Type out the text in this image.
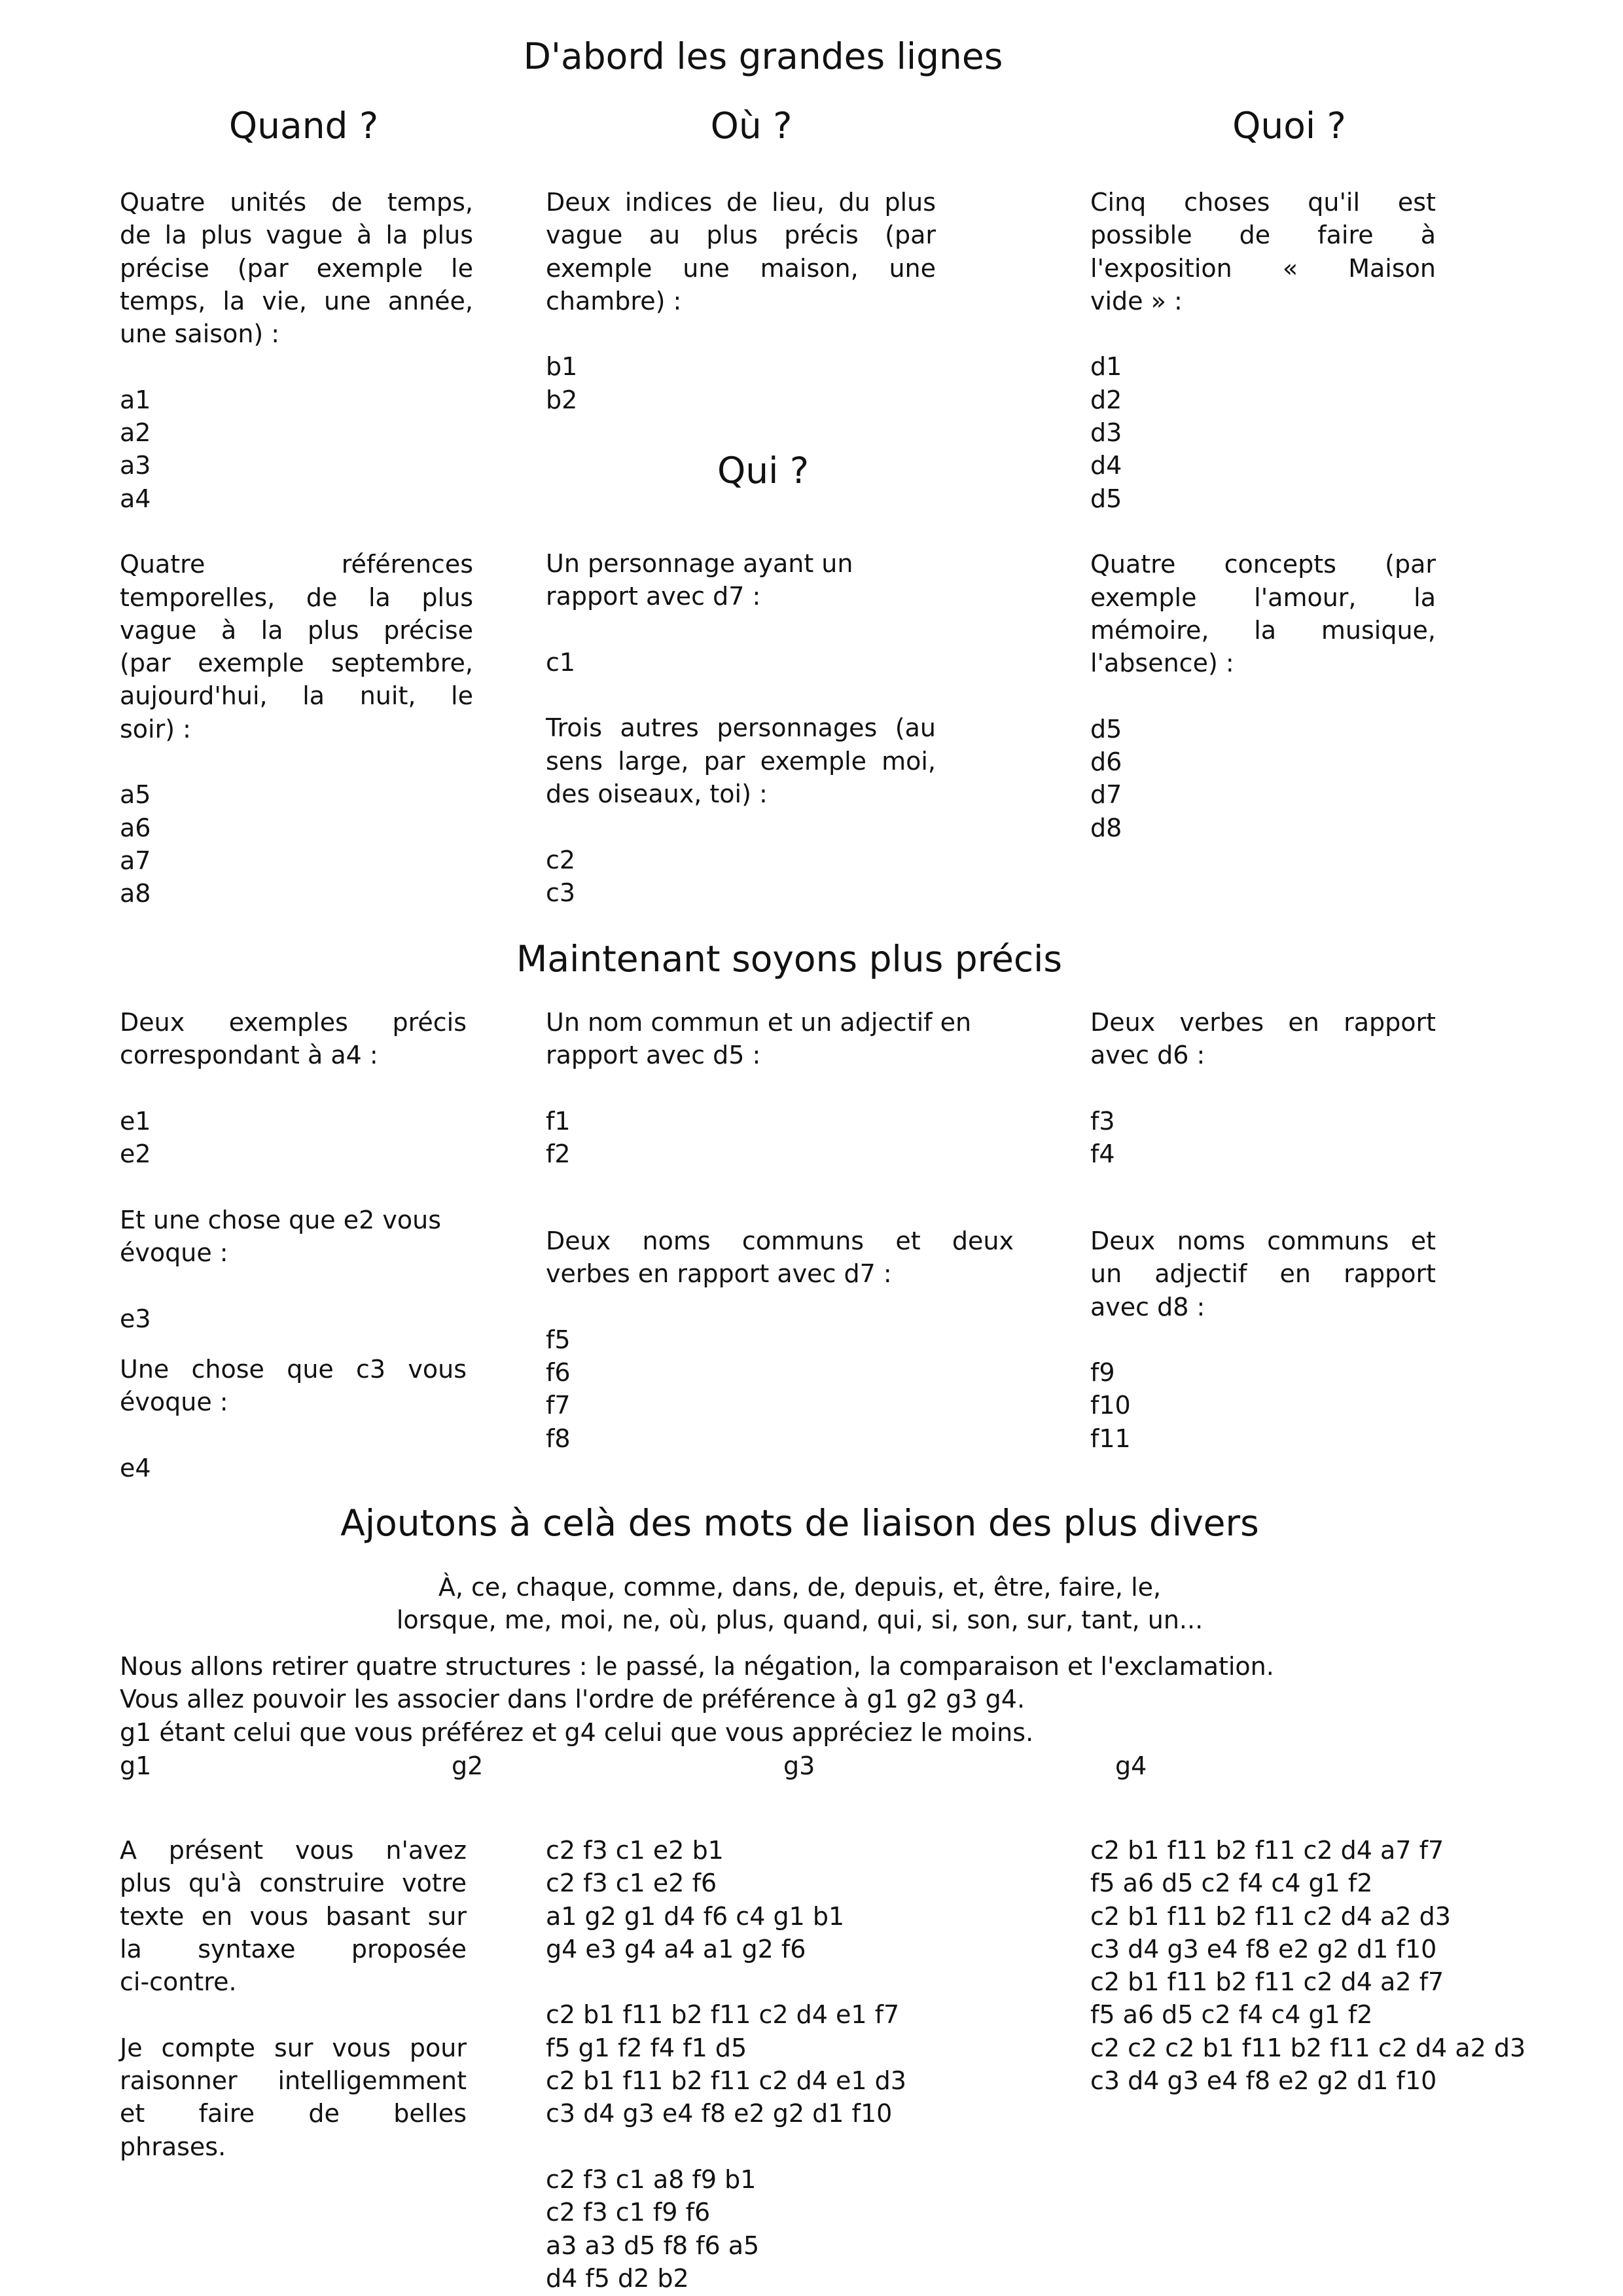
D'abord les grandes lignes
Quand ?	Où ?	Quoi ?
Qui ?
Quatre unités de temps,
de la plus vague à la plus
précise (par exemple le
temps, la vie, une année,
une saison) :
a1
a2
a3
a4
Quatre références
temporelles, de la plus
vague à la plus précise
(par exemple septembre,
aujourd'hui, la nuit, le
soir) :
a5
a6
a7
a8
Deux indices de lieu, du plus
vague au plus précis (par
exemple une maison, une
chambre) :
b1
b2
Un personnage ayant un
rapport avec d7 :
c1
Trois autres personnages (au
sens large, par exemple moi,
des oiseaux, toi) :
c2
c3
Cinq choses qu'il est
possible de faire à
l'exposition « Maison
vide » :
d1
d2
d3
d4
d5
Quatre concepts (par
exemple l'amour, la
mémoire, la musique,
l'absence) :
d5
d6
d7
d8
Maintenant soyons plus précis
Deux exemples précis
correspondant à a4 :
e1
e2
Et une chose que e2 vous
évoque :
e3
Une chose que c3 vous
évoque :
e4
Un nom commun et un adjectif en
rapport avec d5 :
f1
f2
Deux noms communs et deux
verbes en rapport avec d7 :
f5
f6
f7
f8
Deux verbes en rapport
avec d6 :
f3
f4
Deux noms communs et
un adjectif en rapport
avec d8 :
f9
f10
f11
Ajoutons à celà des mots de liaison des plus divers
À, ce, chaque, comme, dans, de, depuis, et, être, faire, le,
lorsque, me, moi, ne, où, plus, quand, qui, si, son, sur, tant, un...
Nous allons retirer quatre structures : le passé, la négation, la comparaison et l'exclamation.
Vous allez pouvoir les associer dans l'ordre de préférence à g1 g2 g3 g4.
g1 étant celui que vous préférez et g4 celui que vous appréciez le moins.
g1	g2	g3	g4
A présent vous n'avez
plus qu'à construire votre
texte en vous basant sur
la syntaxe proposée
ci-contre.
Je compte sur vous pour
raisonner intelligemment
et faire de belles
phrases.
c2 f3 c1 e2 b1
c2 f3 c1 e2 f6
a1 g2 g1 d4 f6 c4 g1 b1
g4 e3 g4 a4 a1 g2 f6
c2 b1 f11 b2 f11 c2 d4 e1 f7
f5 g1 f2 f4 f1 d5
c2 b1 f11 b2 f11 c2 d4 e1 d3
c3 d4 g3 e4 f8 e2 g2 d1 f10
c2 f3 c1 a8 f9 b1
c2 f3 c1 f9 f6
a3 a3 d5 f8 f6 a5
d4 f5 d2 b2
c2 b1 f11 b2 f11 c2 d4 a7 f7
f5 a6 d5 c2 f4 c4 g1 f2
c2 b1 f11 b2 f11 c2 d4 a2 d3
c3 d4 g3 e4 f8 e2 g2 d1 f10
c2 b1 f11 b2 f11 c2 d4 a2 f7
f5 a6 d5 c2 f4 c4 g1 f2
c2 c2 c2 b1 f11 b2 f11 c2 d4 a2 d3
c3 d4 g3 e4 f8 e2 g2 d1 f10
